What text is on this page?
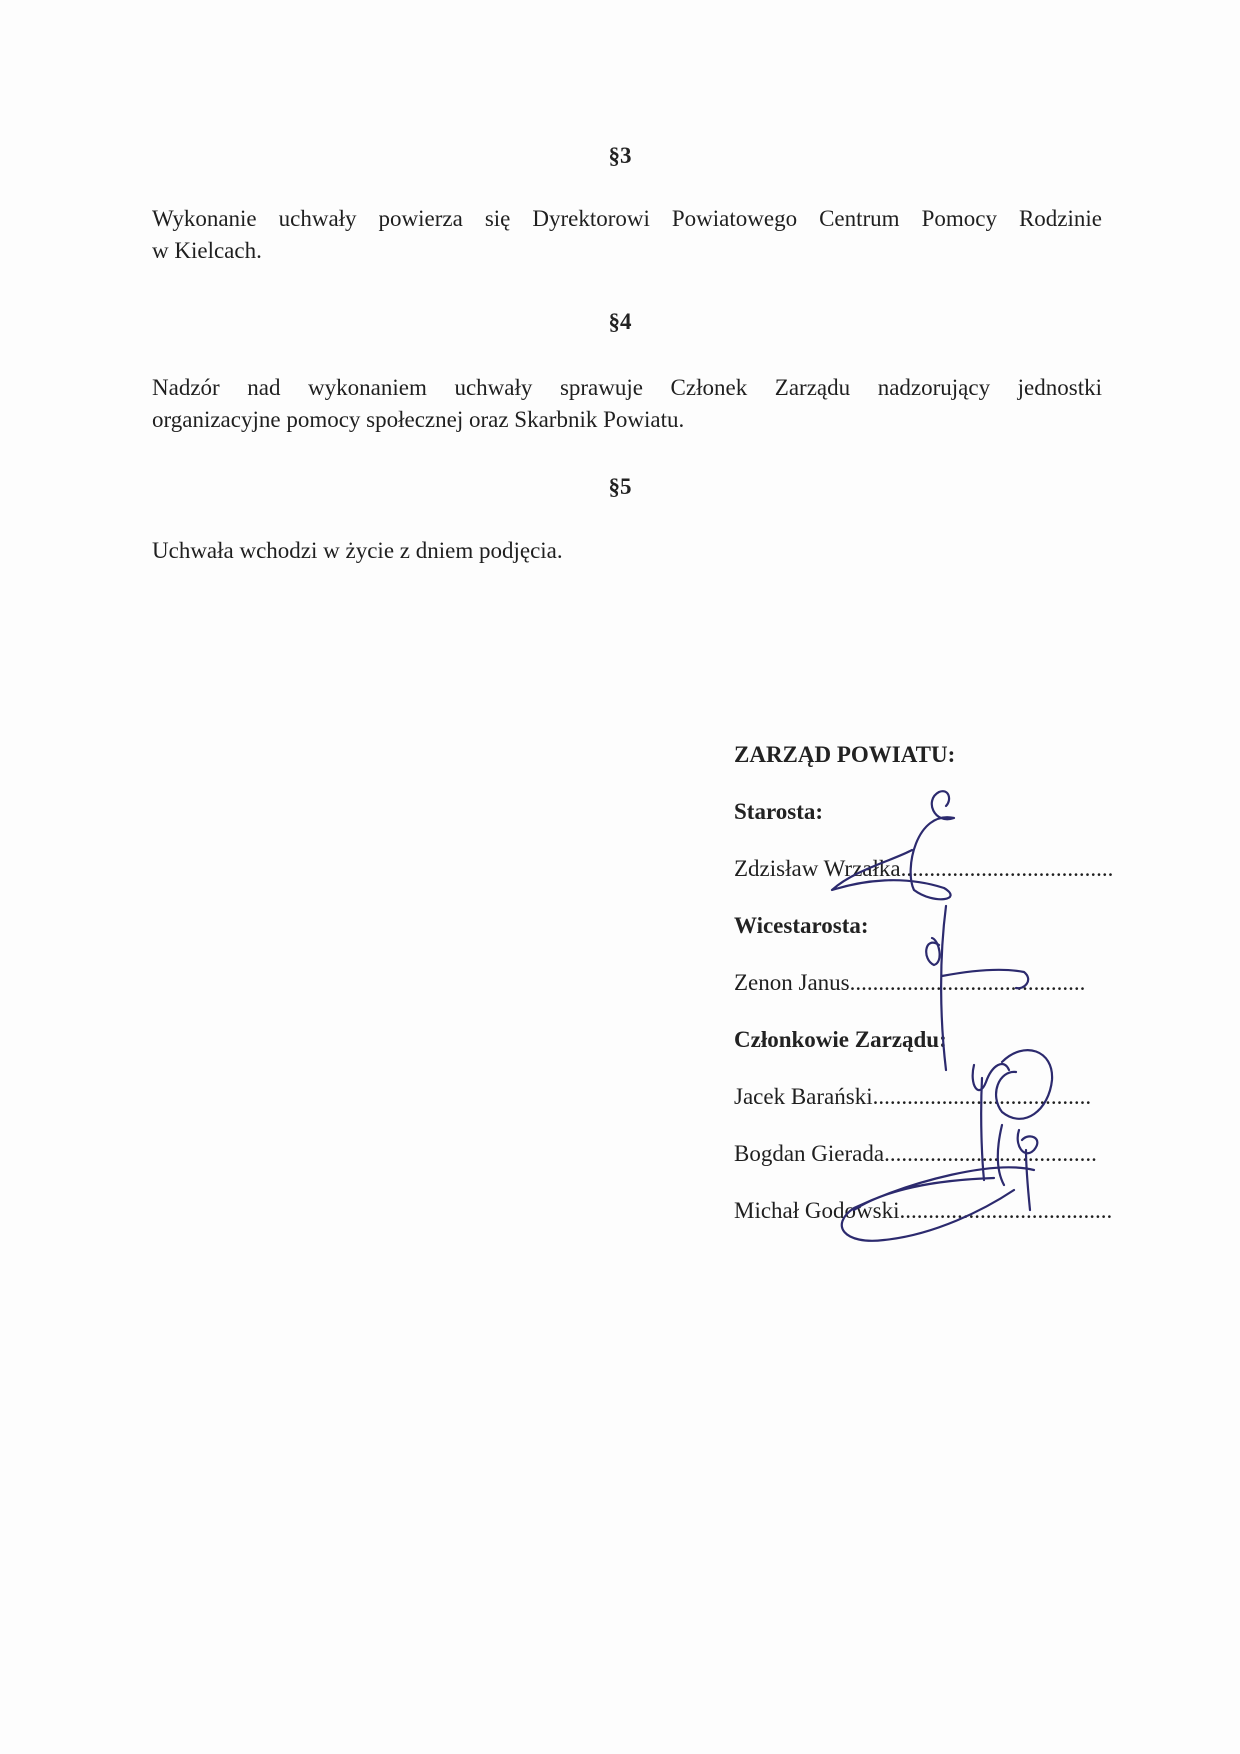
§3
Wykonanie uchwały powierza się Dyrektorowi Powiatowego Centrum Pomocy Rodzinie
w Kielcach.
§4
Nadzór nad wykonaniem uchwały sprawuje Członek Zarządu nadzorujący jednostki
organizacyjne pomocy społecznej oraz Skarbnik Powiatu.
§5
Uchwała wchodzi w życie z dniem podjęcia.
ZARZĄD POWIATU:
Starosta:
Zdzisław Wrzałka.....................................
Wicestarosta:
Zenon Janus.........................................
Członkowie Zarządu:
Jacek Barański......................................
Bogdan Gierada.....................................
Michał Godowski.....................................
